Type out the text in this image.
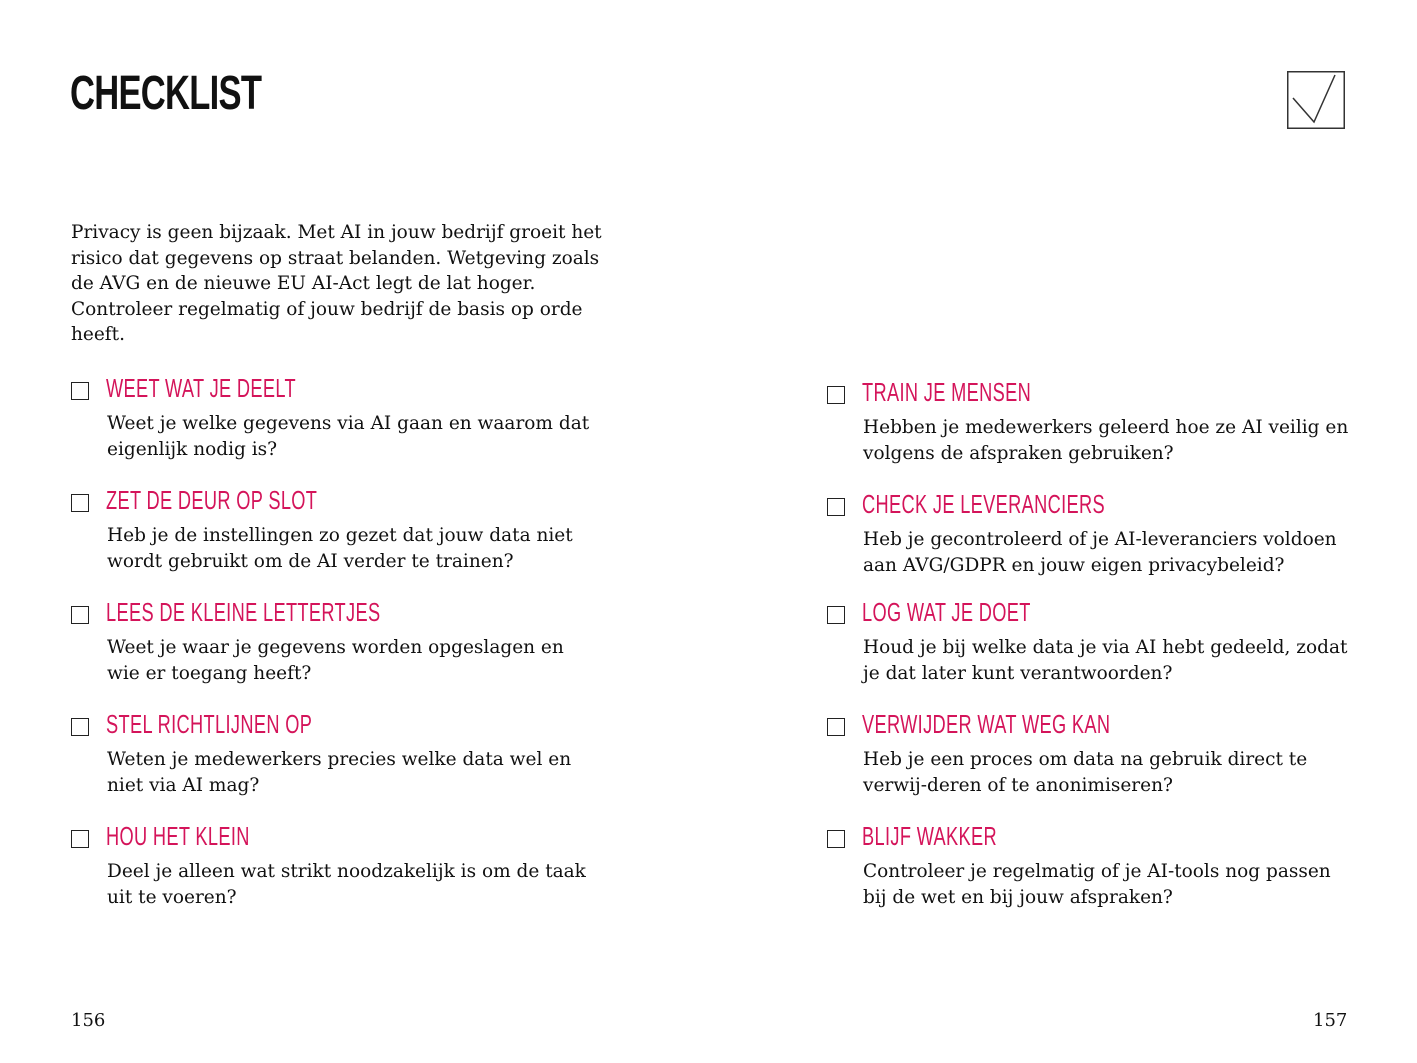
CHECKLIST
Privacy is geen bijzaak. Met AI in jouw bedrijf groeit het risico dat gegevens op straat belanden. Wetgeving zoals de AVG en de nieuwe EU AI-Act legt de lat hoger. Controleer regelmatig of jouw bedrijf de basis op orde heeft.
WEET WAT JE DEELT
Weet je welke gegevens via AI gaan en waarom dat eigenlijk nodig is?
ZET DE DEUR OP SLOT
Heb je de instellingen zo gezet dat jouw data niet wordt gebruikt om de AI verder te trainen?
LEES DE KLEINE LETTERTJES
Weet je waar je gegevens worden opgeslagen en wie er toegang heeft?
STEL RICHTLIJNEN OP
Weten je medewerkers precies welke data wel en niet via AI mag?
HOU HET KLEIN
Deel je alleen wat strikt noodzakelijk is om de taak uit te voeren?
TRAIN JE MENSEN
Hebben je medewerkers geleerd hoe ze AI veilig en volgens de afspraken gebruiken?
CHECK JE LEVERANCIERS
Heb je gecontroleerd of je AI-leveranciers voldoen aan AVG/GDPR en jouw eigen privacybeleid?
LOG WAT JE DOET
Houd je bij welke data je via AI hebt gedeeld, zodat je dat later kunt verantwoorden?
VERWIJDER WAT WEG KAN
Heb je een proces om data na gebruik direct te verwij-deren of te anonimiseren?
BLIJF WAKKER
Controleer je regelmatig of je AI-tools nog passen bij de wet en bij jouw afspraken?
156	157
